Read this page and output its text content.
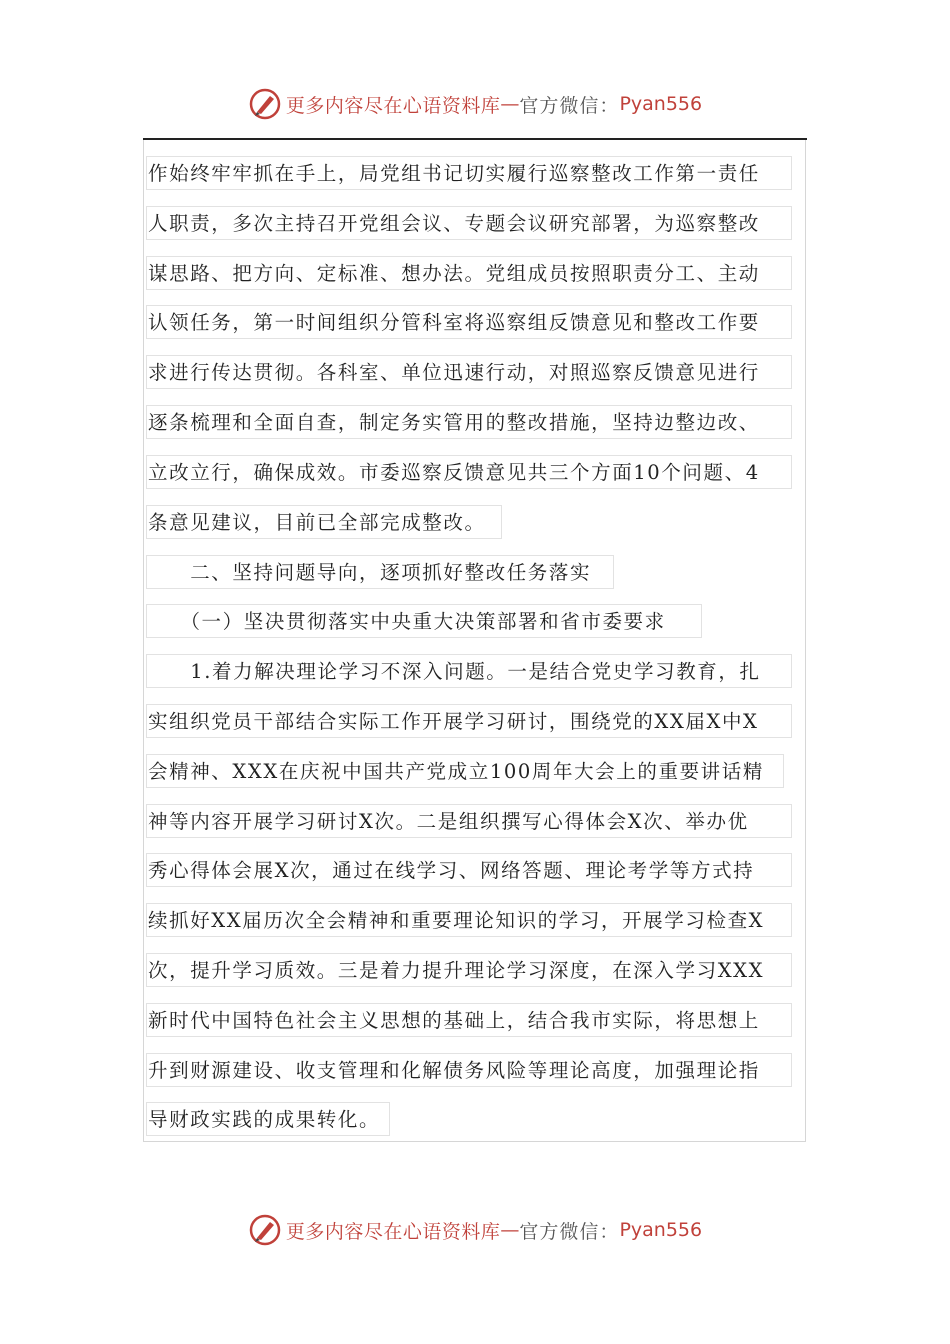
更多内容尽在心语资料库 — 官方微信： Pyan556
作始终牢牢抓在手上，局党组书记切实履行巡察整改工作第一责任
人职责，多次主持召开党组会议、专题会议研究部署，为巡察整改
谋思路、把方向、定标准、想办法。党组成员按照职责分工、主动
认领任务，第一时间组织分管科室将巡察组反馈意见和整改工作要
求进行传达贯彻。各科室、单位迅速行动，对照巡察反馈意见进行
逐条梳理和全面自查，制定务实管用的整改措施，坚持边整边改、
立改立行，确保成效。市委巡察反馈意见共三个方面10个问题、4
条意见建议，目前已全部完成整改。
　　二、坚持问题导向，逐项抓好整改任务落实
　　（一）坚决贯彻落实中央重大决策部署和省市委要求
　　1.着力解决理论学习不深入问题。一是结合党史学习教育，扎
实组织党员干部结合实际工作开展学习研讨，围绕党的XX届X中X
会精神、XXX在庆祝中国共产党成立100周年大会上的重要讲话精
神等内容开展学习研讨X次。二是组织撰写心得体会X次、举办优
秀心得体会展X次，通过在线学习、网络答题、理论考学等方式持
续抓好XX届历次全会精神和重要理论知识的学习，开展学习检查X
次，提升学习质效。三是着力提升理论学习深度，在深入学习XXX
新时代中国特色社会主义思想的基础上，结合我市实际，将思想上
升到财源建设、收支管理和化解债务风险等理论高度，加强理论指
导财政实践的成果转化。
更多内容尽在心语资料库 — 官方微信： Pyan556
